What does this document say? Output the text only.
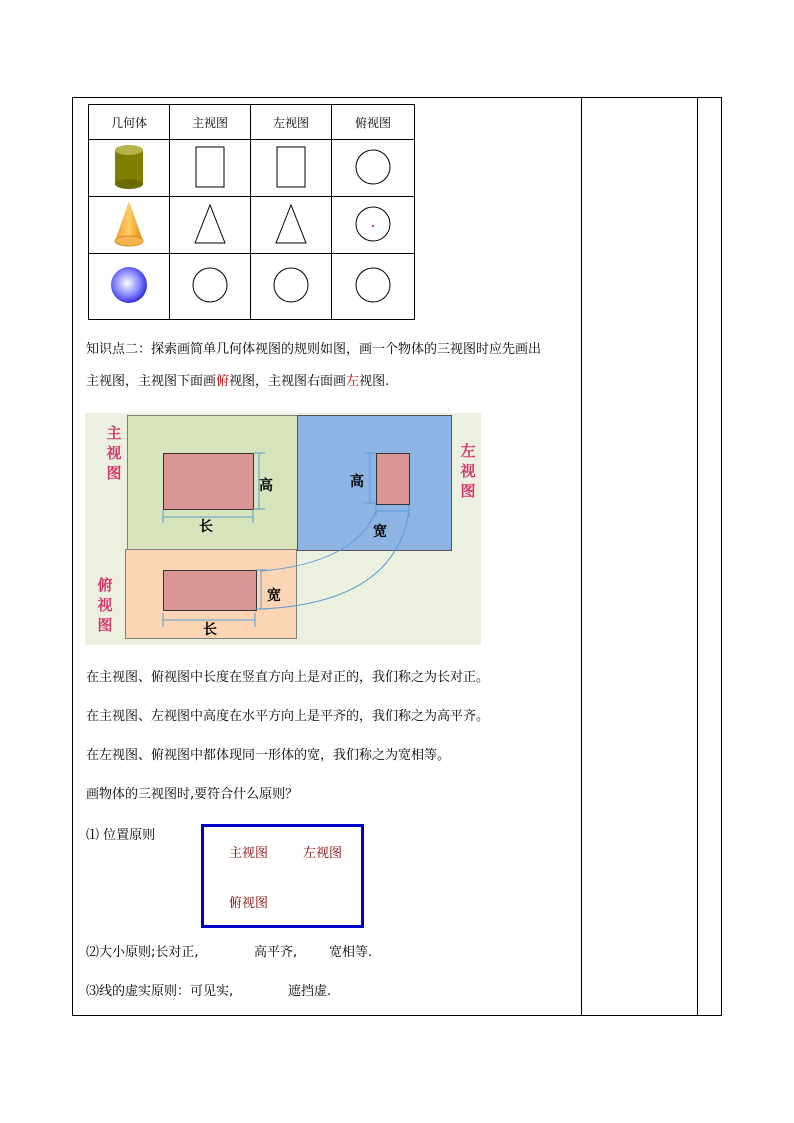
几何体	主视图	左视图	俯视图

知识点二：探索画简单几何体视图的规则如图，画一个物体的三视图时应先画出
主视图，主视图下面画俯视图，主视图右面画左视图.
主视图
左视图
俯视图
高
长
高
宽
宽
长
在主视图、俯视图中长度在竖直方向上是对正的，我们称之为长对正。
在主视图、左视图中高度在水平方向上是平齐的，我们称之为高平齐。
在左视图、俯视图中都体现同一形体的宽，我们称之为宽相等。
画物体的三视图时,要符合什么原则？
⑴ 位置原则
主视图	左视图
俯视图
⑵大小原则;长对正,	高平齐, 宽相等.
⑶线的虚实原则：可见实,	遮挡虚.
